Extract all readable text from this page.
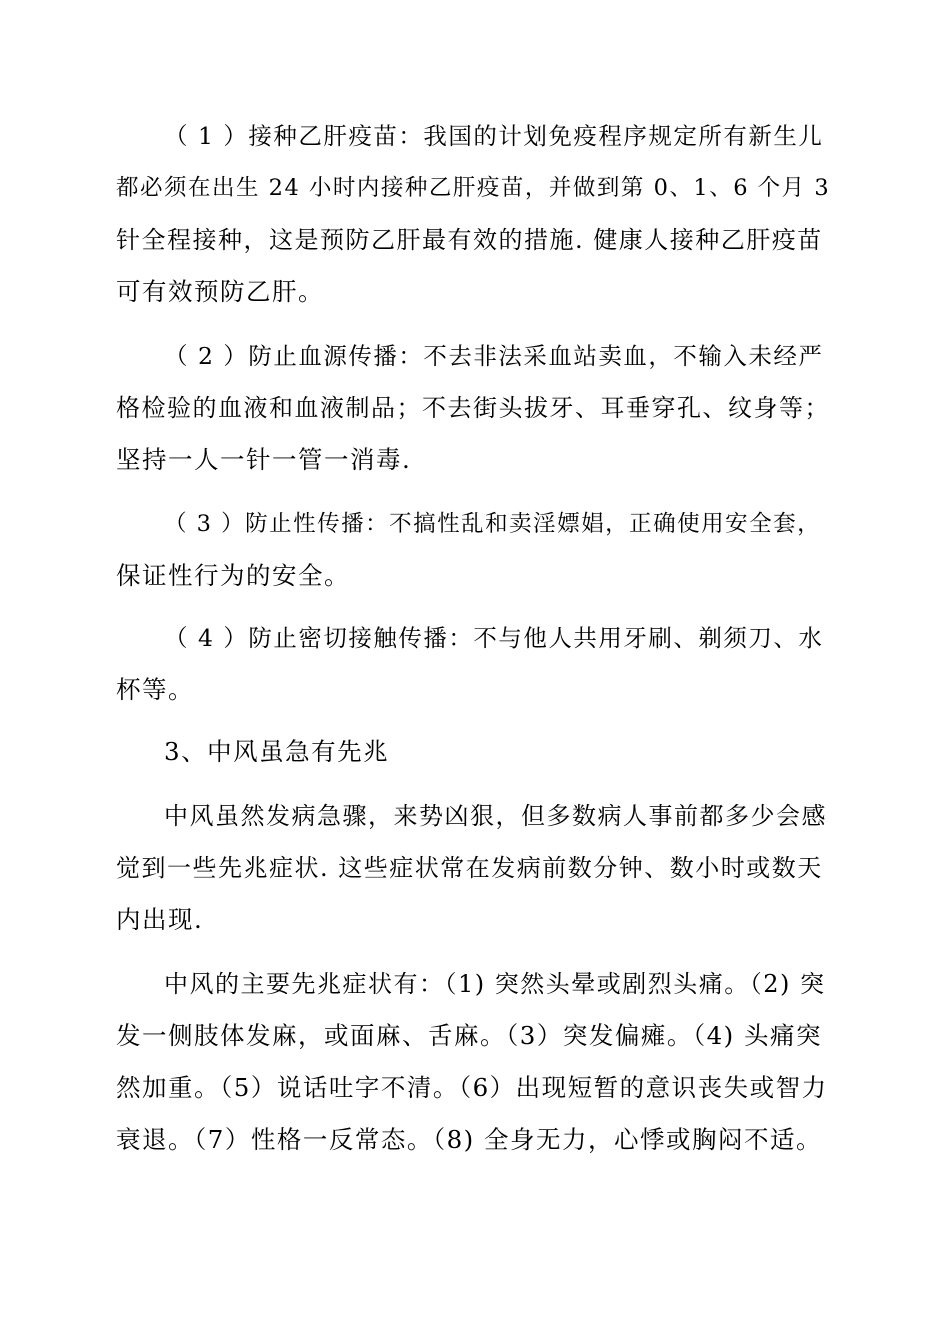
（ 1 ）接种乙肝疫苗：我国的计划免疫程序规定所有新生儿
都必须在出生 24 小时内接种乙肝疫苗，并做到第 0、1、6 个月 3
针全程接种，这是预防乙肝最有效的措施. 健康人接种乙肝疫苗
可有效预防乙肝。

（ 2 ）防止血源传播：不去非法采血站卖血，不输入未经严
格检验的血液和血液制品；不去街头拔牙、耳垂穿孔、纹身等；
坚持一人一针一管一消毒.

（ 3 ）防止性传播：不搞性乱和卖淫嫖娼，正确使用安全套，
保证性行为的安全。

（ 4 ）防止密切接触传播：不与他人共用牙刷、剃须刀、水
杯等。

3、中风虽急有先兆

中风虽然发病急骤，来势凶狠，但多数病人事前都多少会感
觉到一些先兆症状. 这些症状常在发病前数分钟、数小时或数天
内出现.

中风的主要先兆症状有：（1) 突然头晕或剧烈头痛。（2) 突
发一侧肢体发麻，或面麻、舌麻。（3）突发偏瘫。（4) 头痛突
然加重。（5）说话吐字不清。（6）出现短暂的意识丧失或智力
衰退。（7）性格一反常态。（8) 全身无力，心悸或胸闷不适。
